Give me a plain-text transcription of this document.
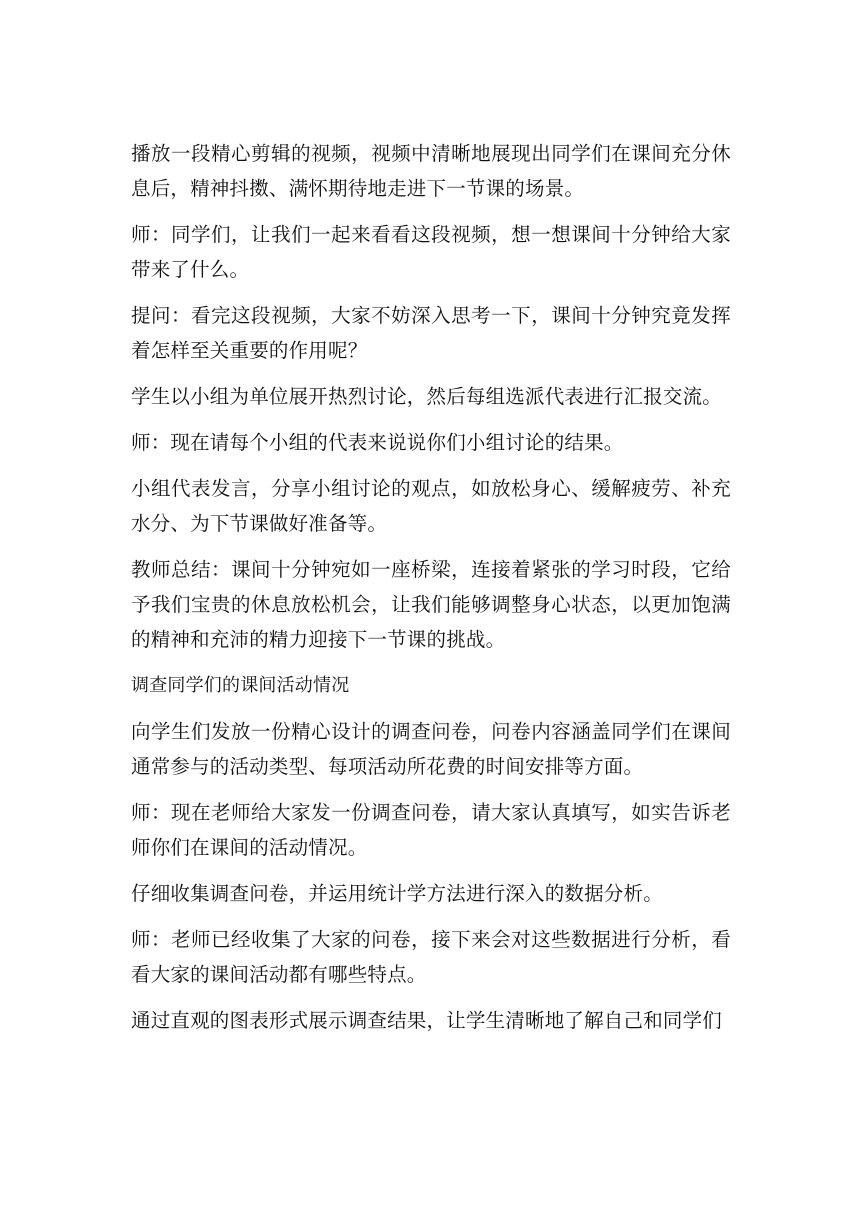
播放一段精心剪辑的视频，视频中清晰地展现出同学们在课间充分休息后，精神抖擞、满怀期待地走进下一节课的场景。

师：同学们，让我们一起来看看这段视频，想一想课间十分钟给大家带来了什么。

提问：看完这段视频，大家不妨深入思考一下，课间十分钟究竟发挥着怎样至关重要的作用呢？

学生以小组为单位展开热烈讨论，然后每组选派代表进行汇报交流。

师：现在请每个小组的代表来说说你们小组讨论的结果。

小组代表发言，分享小组讨论的观点，如放松身心、缓解疲劳、补充水分、为下节课做好准备等。

教师总结：课间十分钟宛如一座桥梁，连接着紧张的学习时段，它给予我们宝贵的休息放松机会，让我们能够调整身心状态，以更加饱满的精神和充沛的精力迎接下一节课的挑战。

调查同学们的课间活动情况

向学生们发放一份精心设计的调查问卷，问卷内容涵盖同学们在课间通常参与的活动类型、每项活动所花费的时间安排等方面。

师：现在老师给大家发一份调查问卷，请大家认真填写，如实告诉老师你们在课间的活动情况。

仔细收集调查问卷，并运用统计学方法进行深入的数据分析。

师：老师已经收集了大家的问卷，接下来会对这些数据进行分析，看看大家的课间活动都有哪些特点。

通过直观的图表形式展示调查结果，让学生清晰地了解自己和同学们
